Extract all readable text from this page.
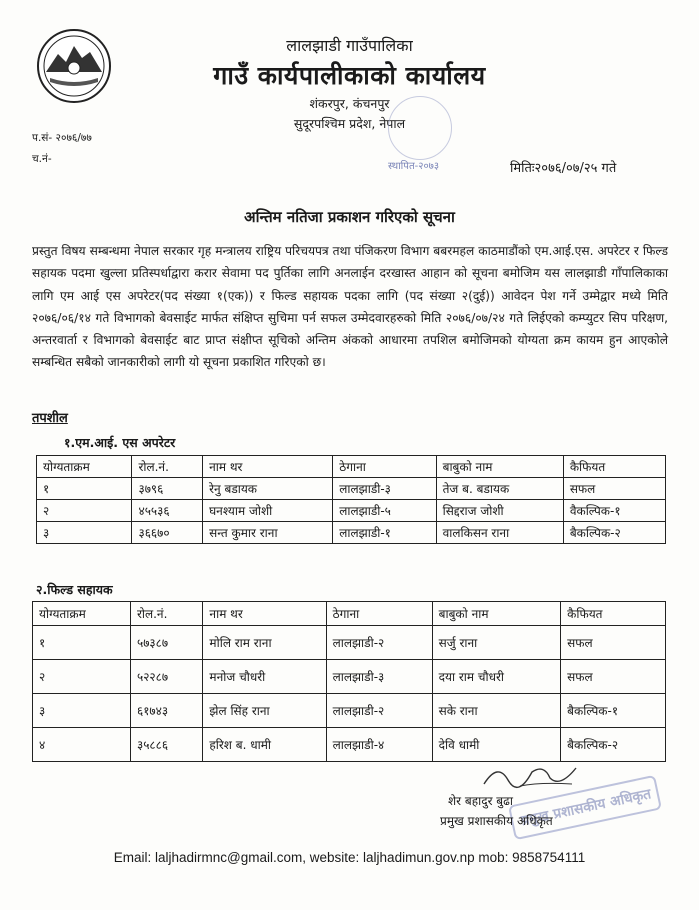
लालझाडी गाउँपालिका
गाउँ कार्यपालीकाको कार्यालय
शंकरपुर, कंचनपुर
सुदूरपश्चिम प्रदेश, नेपाल
स्थापित-२०७३
प.सं- २०७६/७७
च.नं-
मितिः२०७६/०७/२५ गते
अन्तिम नतिजा प्रकाशन गरिएको सूचना
प्रस्तुत विषय सम्बन्धमा नेपाल सरकार गृह मन्त्रालय राष्ट्रिय परिचयपत्र तथा पंजिकरण विभाग बबरमहल काठमाडौंको एम.आई.एस. अपरेटर र फिल्ड सहायक पदमा खुल्ला प्रतिस्पर्धाद्वारा करार सेवामा पद पुर्तिका लागि अनलाईन दरखास्त आहान को सूचना बमोजिम यस लालझाडी गाँपालिकाका लागि एम आई एस अपरेटर(पद संख्या १(एक)) र फिल्ड सहायक पदका लागि (पद संख्या २(दुई)) आवेदन पेश गर्ने उम्मेद्वार मध्ये मिति २०७६/०६/१४ गते विभागको बेवसाईट मार्फत संक्षिप्त सुचिमा पर्न सफल उम्मेदवारहरुको मिति २०७६/०७/२४ गते लिईएको कम्प्युटर सिप परिक्षण, अन्तरवार्ता र विभागको बेवसाईट बाट प्राप्त संक्षीप्त सूचिको अन्तिम अंकको आधारमा तपशिल बमोजिमको योग्यता क्रम कायम हुन आएकोले सम्बन्धित सबैको जानकारीको लागी यो सूचना प्रकाशित गरिएको छ।
तपशील
१.एम.आई. एस अपरेटर
योग्यताक्रम	रोल.नं.	नाम थर	ठेगाना	बाबुको नाम	कैफियत
१	३७९६	रेनु बडायक	लालझाडी-३	तेज ब. बडायक	सफल
२	४५५३६	घनश्याम जोशी	लालझाडी-५	सिद्दराज जोशी	वैकल्पिक-१
३	३६६७०	सन्त कुमार राना	लालझाडी-१	वालकिसन राना	बैकल्पिक-२
२.फिल्ड सहायक
योग्यताक्रम	रोल.नं.	नाम थर	ठेगाना	बाबुको नाम	कैफियत
१	५७३८७	मोलि राम राना	लालझाडी-२	सर्जु राना	सफल
२	५२२८७	मनोज चौधरी	लालझाडी-३	दया राम चौधरी	सफल
३	६१७४३	झेल सिंह राना	लालझाडी-२	सके राना	बैकल्पिक-१
४	३५८८६	हरिश ब. धामी	लालझाडी-४	देवि धामी	बैकल्पिक-२
प्रमुख प्रशासकीय अधिकृत
शेर बहादुर बुढा
प्रमुख प्रशासकीय अधिकृत
Email: laljhadirmnc@gmail.com, website: laljhadimun.gov.np mob: 9858754111
